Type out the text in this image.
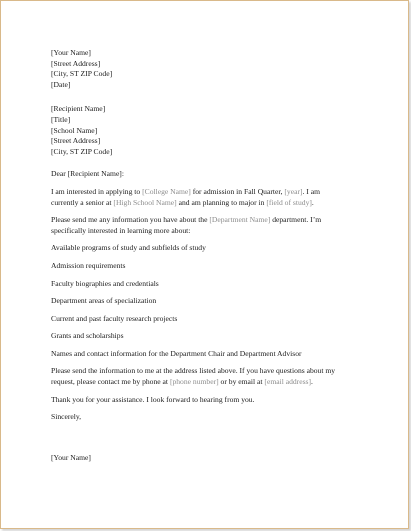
[Your Name]
[Street Address]
[City, ST ZIP Code]
[Date]
[Recipient Name]
[Title]
[School Name]
[Street Address]
[City, ST ZIP Code]
Dear [Recipient Name]:
I am interested in applying to [College Name] for admission in Fall Quarter, [year]. I am
currently a senior at [High School Name] and am planning to major in [field of study].
Please send me any information you have about the [Department Name] department. I’m
specifically interested in learning more about:
Available programs of study and subfields of study
Admission requirements
Faculty biographies and credentials
Department areas of specialization
Current and past faculty research projects
Grants and scholarships
Names and contact information for the Department Chair and Department Advisor
Please send the information to me at the address listed above. If you have questions about my
request, please contact me by phone at [phone number] or by email at [email address].
Thank you for your assistance. I look forward to hearing from you.
Sincerely,
[Your Name]
